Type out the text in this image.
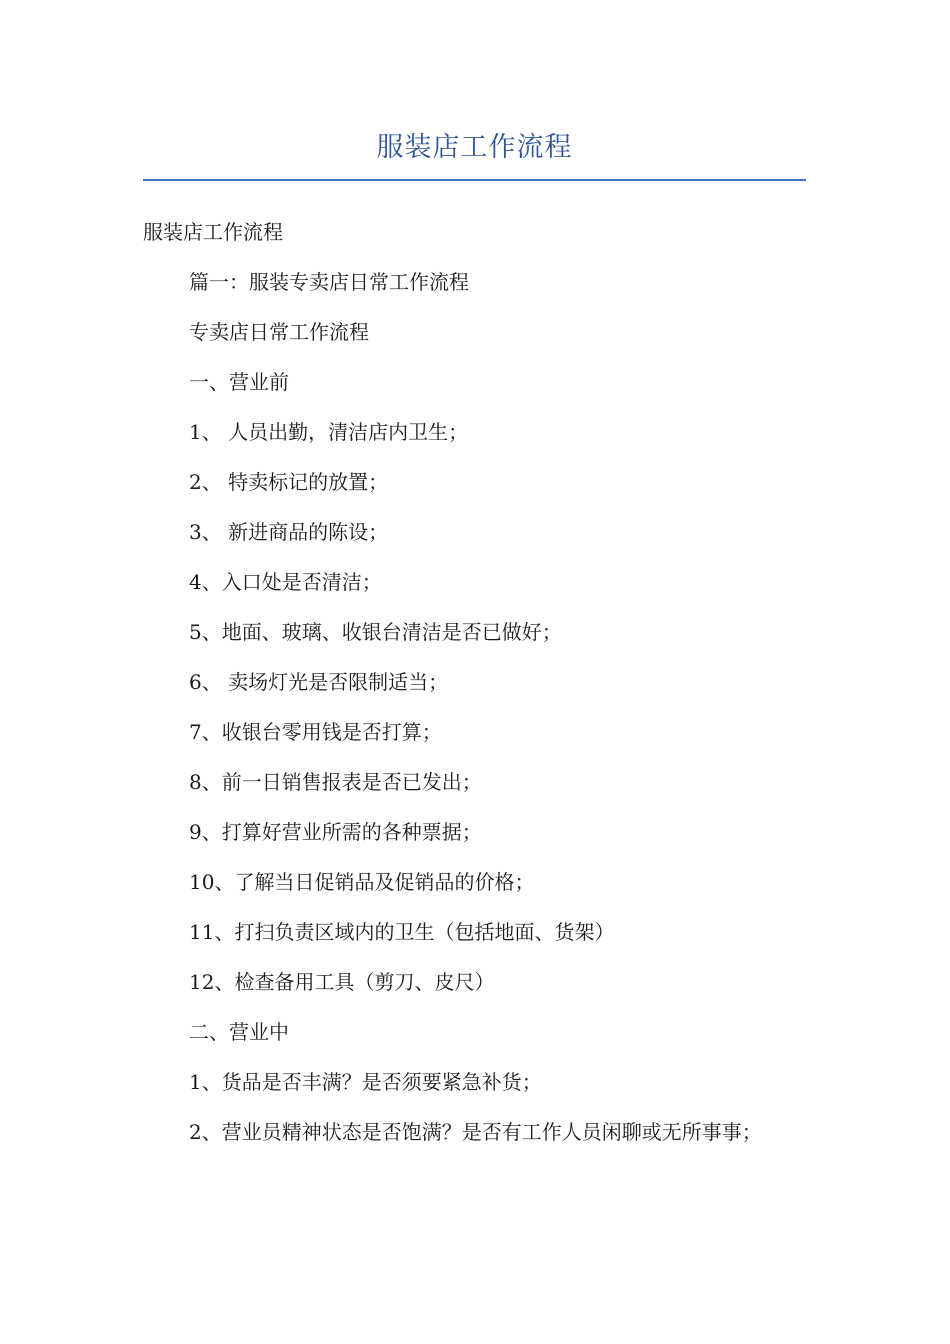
服装店工作流程

服装店工作流程

篇一：服装专卖店日常工作流程

专卖店日常工作流程

一、营业前

1、 人员出勤，清洁店内卫生；

2、 特卖标记的放置；

3、 新进商品的陈设；

4、入口处是否清洁；

5、地面、玻璃、收银台清洁是否已做好；

6、 卖场灯光是否限制适当；

7、收银台零用钱是否打算；

8、前一日销售报表是否已发出；

9、打算好营业所需的各种票据；

10、了解当日促销品及促销品的价格；

11、打扫负责区域内的卫生（包括地面、货架）

12、检查备用工具（剪刀、皮尺）

二、营业中

1、货品是否丰满？是否须要紧急补货；

2、营业员精神状态是否饱满？是否有工作人员闲聊或无所事事；
